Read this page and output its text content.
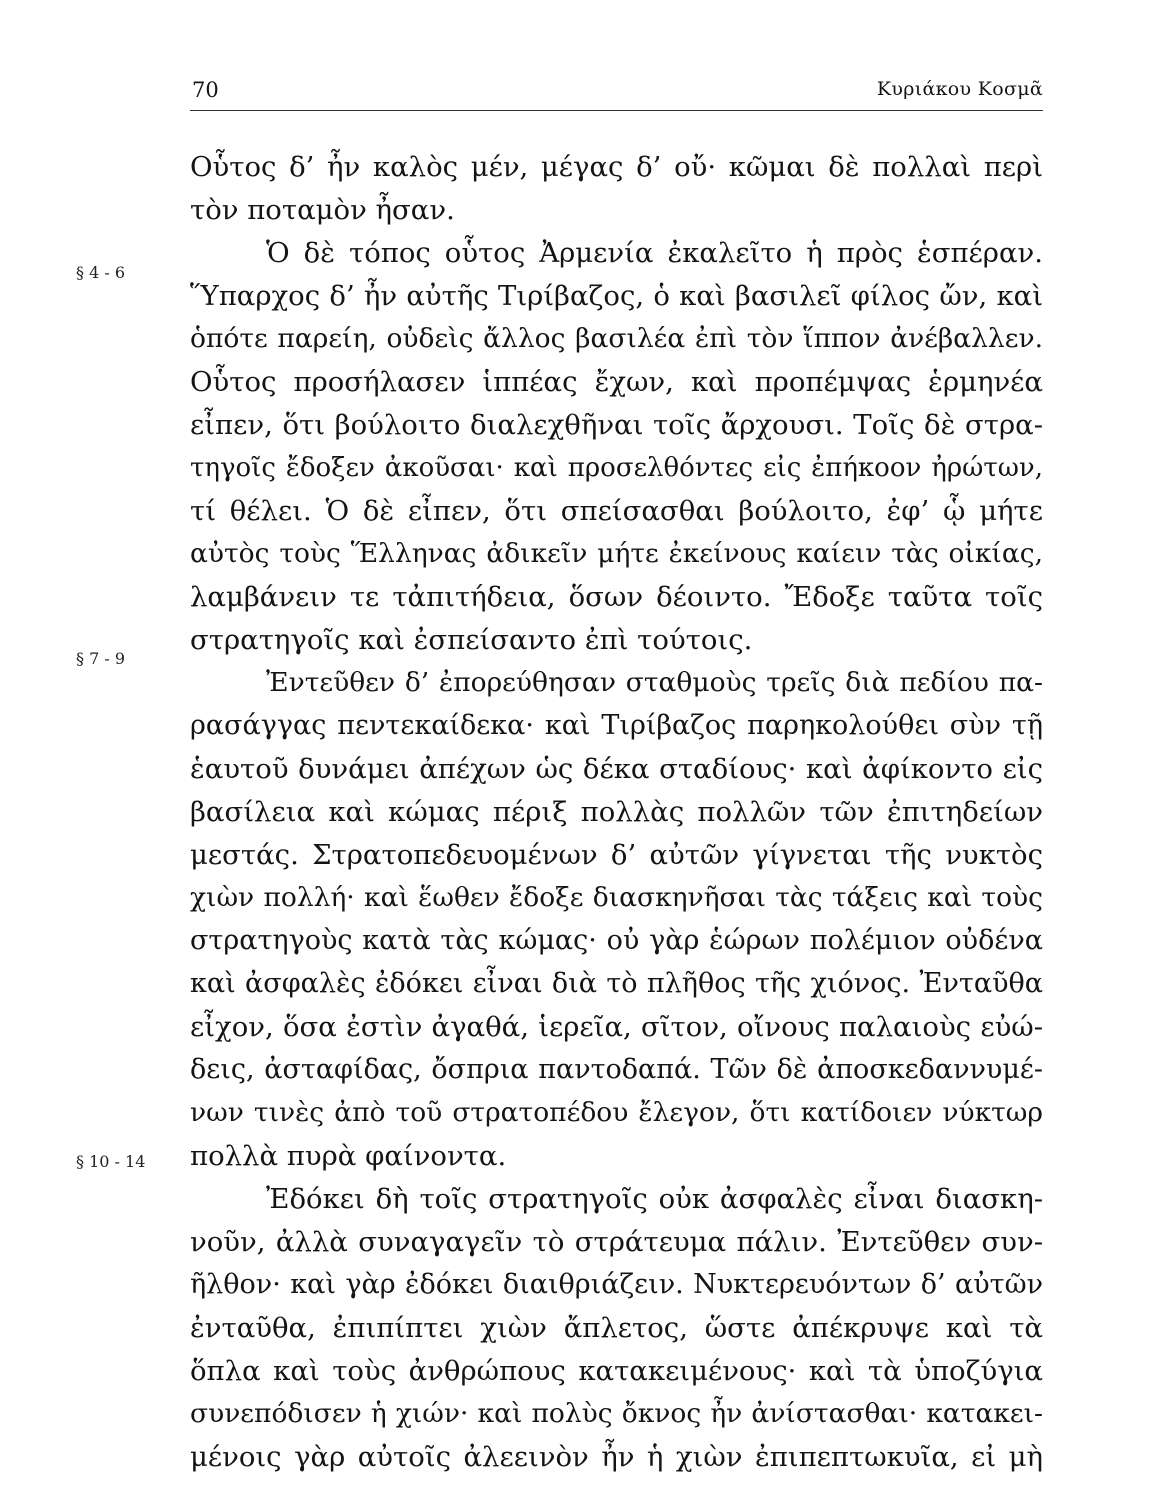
70	Κυριάκου Κοσμᾶ
§ 4 - 6
§ 7 - 9
§ 10 - 14
Οὗτος δ’ ἦν καλὸς μέν, μέγας δ’ οὔ· κῶμαι δὲ πολλαὶ περὶ
τὸν ποταμὸν ἦσαν.
Ὁ δὲ τόπος οὗτος Ἀρμενία ἐκαλεῖτο ἡ πρὸς ἑσπέραν.
Ὕπαρχος δ’ ἦν αὐτῆς Τιρίβαζος, ὁ καὶ βασιλεῖ φίλος ὤν, καὶ
ὁπότε παρείη, οὐδεὶς ἄλλος βασιλέα ἐπὶ τὸν ἵππον ἀνέβαλλεν.
Οὗτος προσήλασεν ἱππέας ἔχων, καὶ προπέμψας ἑρμηνέα
εἶπεν, ὅτι βούλοιτο διαλεχθῆναι τοῖς ἄρχουσι. Τοῖς δὲ στρα-
τηγοῖς ἔδοξεν ἀκοῦσαι· καὶ προσελθόντες εἰς ἐπήκοον ἠρώτων,
τί θέλει. Ὁ δὲ εἶπεν, ὅτι σπείσασθαι βούλοιτο, ἐφ’ ᾧ μήτε
αὐτὸς τοὺς Ἕλληνας ἀδικεῖν μήτε ἐκείνους καίειν τὰς οἰκίας,
λαμβάνειν τε τἀπιτήδεια, ὅσων δέοιντο. Ἔδοξε ταῦτα τοῖς
στρατηγοῖς καὶ ἐσπείσαντο ἐπὶ τούτοις.
Ἐντεῦθεν δ’ ἐπορεύθησαν σταθμοὺς τρεῖς διὰ πεδίου πα-
ρασάγγας πεντεκαίδεκα· καὶ Τιρίβαζος παρηκολούθει σὺν τῇ
ἑαυτοῦ δυνάμει ἀπέχων ὡς δέκα σταδίους· καὶ ἀφίκοντο εἰς
βασίλεια καὶ κώμας πέριξ πολλὰς πολλῶν τῶν ἐπιτηδείων
μεστάς. Στρατοπεδευομένων δ’ αὐτῶν γίγνεται τῆς νυκτὸς
χιὼν πολλή· καὶ ἕωθεν ἔδοξε διασκηνῆσαι τὰς τάξεις καὶ τοὺς
στρατηγοὺς κατὰ τὰς κώμας· οὐ γὰρ ἑώρων πολέμιον οὐδένα
καὶ ἀσφαλὲς ἐδόκει εἶναι διὰ τὸ πλῆθος τῆς χιόνος. Ἐνταῦθα
εἶχον, ὅσα ἐστὶν ἀγαθά, ἱερεῖα, σῖτον, οἴνους παλαιοὺς εὐώ-
δεις, ἀσταφίδας, ὄσπρια παντοδαπά. Τῶν δὲ ἀποσκεδαννυμέ-
νων τινὲς ἀπὸ τοῦ στρατοπέδου ἔλεγον, ὅτι κατίδοιεν νύκτωρ
πολλὰ πυρὰ φαίνοντα.
Ἐδόκει δὴ τοῖς στρατηγοῖς οὐκ ἀσφαλὲς εἶναι διασκη-
νοῦν, ἀλλὰ συναγαγεῖν τὸ στράτευμα πάλιν. Ἐντεῦθεν συν-
ῆλθον· καὶ γὰρ ἐδόκει διαιθριάζειν. Νυκτερευόντων δ’ αὐτῶν
ἐνταῦθα, ἐπιπίπτει χιὼν ἄπλετος, ὥστε ἀπέκρυψε καὶ τὰ
ὅπλα καὶ τοὺς ἀνθρώπους κατακειμένους· καὶ τὰ ὑποζύγια
συνεπόδισεν ἡ χιών· καὶ πολὺς ὄκνος ἦν ἀνίστασθαι· κατακει-
μένοις γὰρ αὐτοῖς ἀλεεινὸν ἦν ἡ χιὼν ἐπιπεπτωκυῖα, εἰ μὴ
